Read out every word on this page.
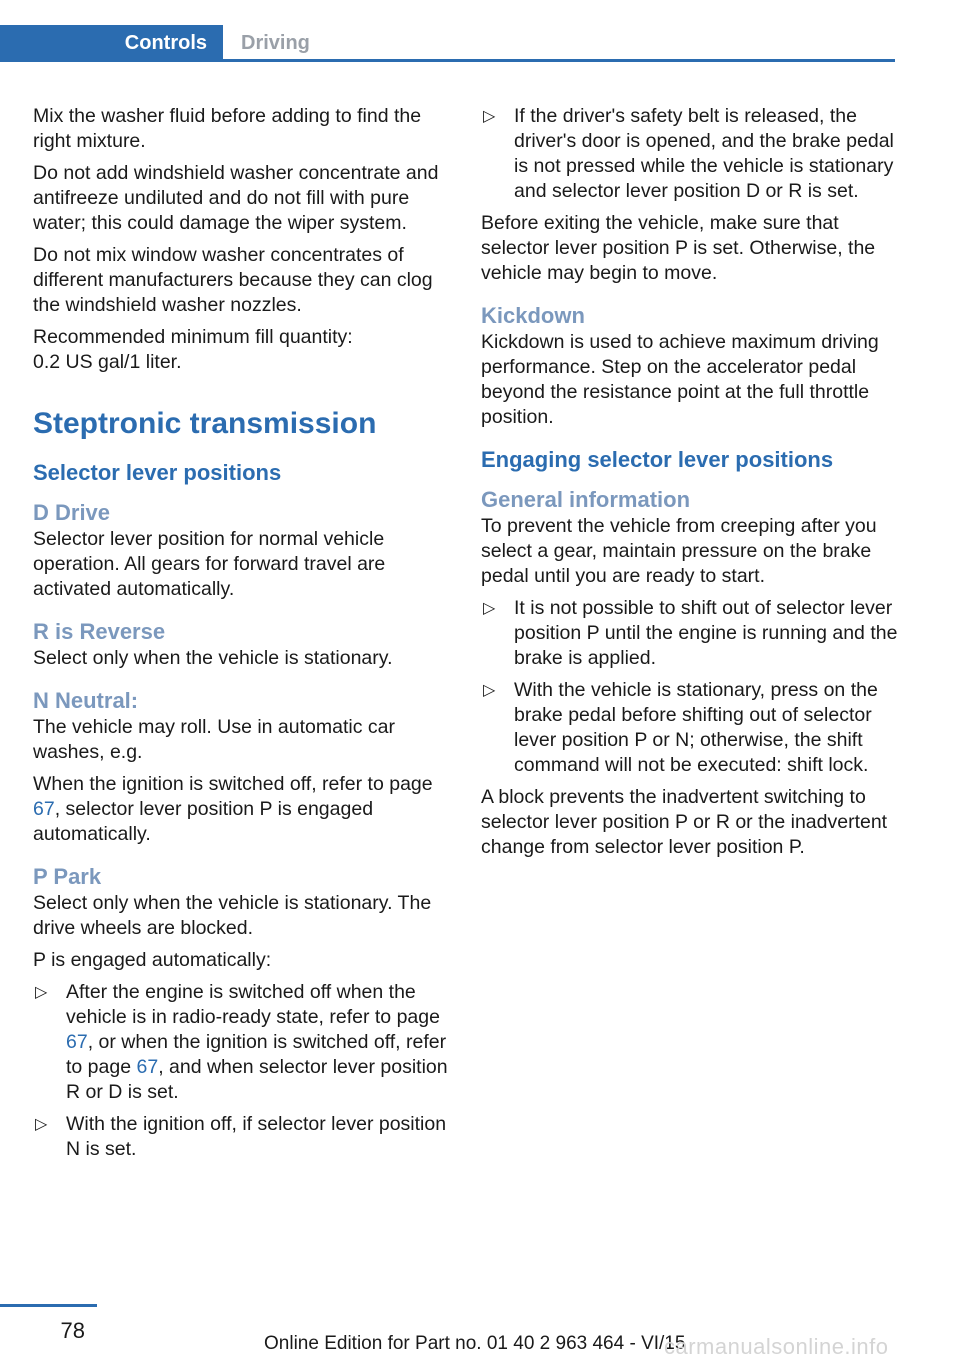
Controls	Driving

Mix the washer fluid before adding to find the right mixture.

Do not add windshield washer concentrate and antifreeze undiluted and do not fill with pure water; this could damage the wiper system.

Do not mix window washer concentrates of different manufacturers because they can clog the windshield washer nozzles.

Recommended minimum fill quantity:
0.2 US gal/1 liter.

Steptronic transmission
Selector lever positions
D Drive

Selector lever position for normal vehicle operation. All gears for forward travel are activated automatically.

R is Reverse

Select only when the vehicle is stationary.

N Neutral:

The vehicle may roll. Use in automatic car washes, e.g.

When the ignition is switched off, refer to page 67, selector lever position P is engaged automatically.

P Park

Select only when the vehicle is stationary. The drive wheels are blocked.

P is engaged automatically:

▷ After the engine is switched off when the vehicle is in radio-ready state, refer to page 67, or when the ignition is switched off, refer to page 67, and when selector lever position R or D is set.
▷ With the ignition off, if selector lever position N is set.
▷ If the driver's safety belt is released, the driver's door is opened, and the brake pedal is not pressed while the vehicle is stationary and selector lever position D or R is set.

Before exiting the vehicle, make sure that selector lever position P is set. Otherwise, the vehicle may begin to move.

Kickdown

Kickdown is used to achieve maximum driving performance. Step on the accelerator pedal beyond the resistance point at the full throttle position.

Engaging selector lever positions
General information

To prevent the vehicle from creeping after you select a gear, maintain pressure on the brake pedal until you are ready to start.

▷ It is not possible to shift out of selector lever position P until the engine is running and the brake is applied.
▷ With the vehicle is stationary, press on the brake pedal before shifting out of selector lever position P or N; otherwise, the shift command will not be executed: shift lock.

A block prevents the inadvertent switching to selector lever position P or R or the inadvertent change from selector lever position P.

78
Online Edition for Part no. 01 40 2 963 464 - VI/15
carmanualsonline.info
